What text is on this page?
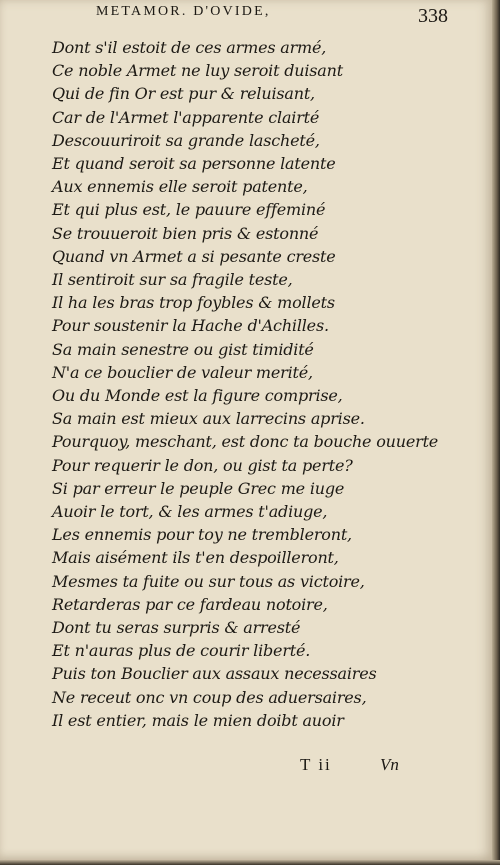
METAMOR. D'OVIDE,	338
Dont s'il estoit de ces armes armé,
Ce noble Armet ne luy seroit duisant
Qui de fin Or est pur & reluisant,
Car de l'Armet l'apparente clairté
Descouuriroit sa grande lascheté,
Et quand seroit sa personne latente
Aux ennemis elle seroit patente,
Et qui plus est, le pauure effeminé
Se trouueroit bien pris & estonné
Quand vn Armet a si pesante creste
Il sentiroit sur sa fragile teste,
Il ha les bras trop foybles & mollets
Pour soustenir la Hache d'Achilles.
Sa main senestre ou gist timidité
N'a ce bouclier de valeur merité,
Ou du Monde est la figure comprise,
Sa main est mieux aux larrecins aprise.
Pourquoy, meschant, est donc ta bouche ouuerte
Pour requerir le don, ou gist ta perte?
Si par erreur le peuple Grec me iuge
Auoir le tort, & les armes t'adiuge,
Les ennemis pour toy ne trembleront,
Mais aisément ils t'en despoilleront,
Mesmes ta fuite ou sur tous as victoire,
Retarderas par ce fardeau notoire,
Dont tu seras surpris & arresté
Et n'auras plus de courir liberté.
Puis ton Bouclier aux assaux necessaires
Ne receut onc vn coup des aduersaires,
Il est entier, mais le mien doibt auoir
T ii	Vn
